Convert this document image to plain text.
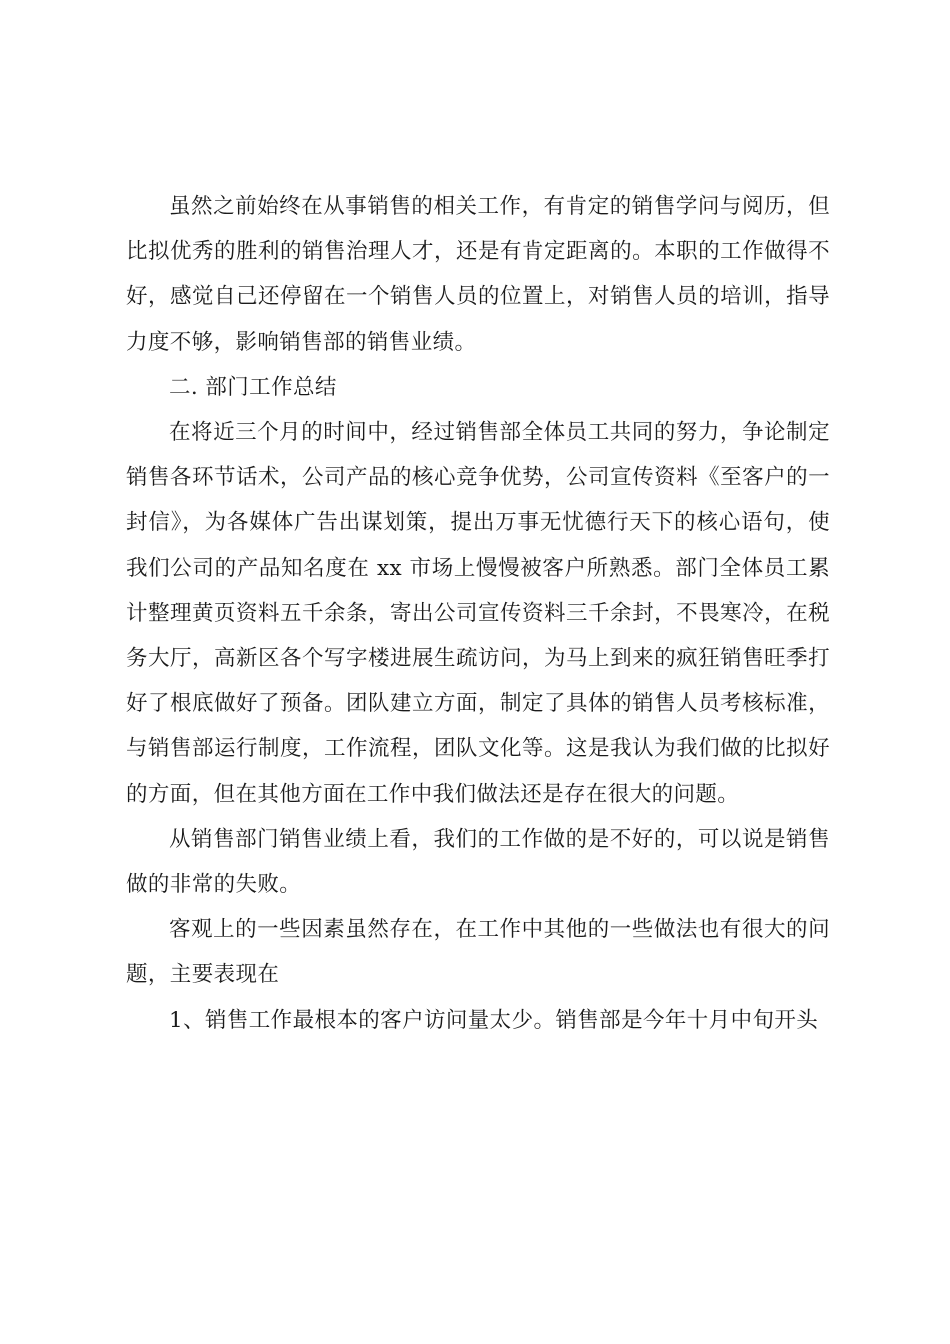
虽然之前始终在从事销售的相关工作，有肯定的销售学问与阅历，但比拟优秀的胜利的销售治理人才，还是有肯定距离的。本职的工作做得不好，感觉自己还停留在一个销售人员的位置上，对销售人员的培训，指导力度不够，影响销售部的销售业绩。

二. 部门工作总结

在将近三个月的时间中，经过销售部全体员工共同的努力，争论制定销售各环节话术，公司产品的核心竞争优势，公司宣传资料《至客户的一封信》，为各媒体广告出谋划策，提出万事无忧德行天下的核心语句，使我们公司的产品知名度在 xx 市场上慢慢被客户所熟悉。部门全体员工累计整理黄页资料五千余条，寄出公司宣传资料三千余封，不畏寒冷，在税务大厅，高新区各个写字楼进展生疏访问，为马上到来的疯狂销售旺季打好了根底做好了预备。团队建立方面，制定了具体的销售人员考核标准，与销售部运行制度，工作流程，团队文化等。这是我认为我们做的比拟好的方面，但在其他方面在工作中我们做法还是存在很大的问题。

从销售部门销售业绩上看，我们的工作做的是不好的，可以说是销售做的非常的失败。

客观上的一些因素虽然存在，在工作中其他的一些做法也有很大的问题，主要表现在

1、销售工作最根本的客户访问量太少。销售部是今年十月中旬开头
